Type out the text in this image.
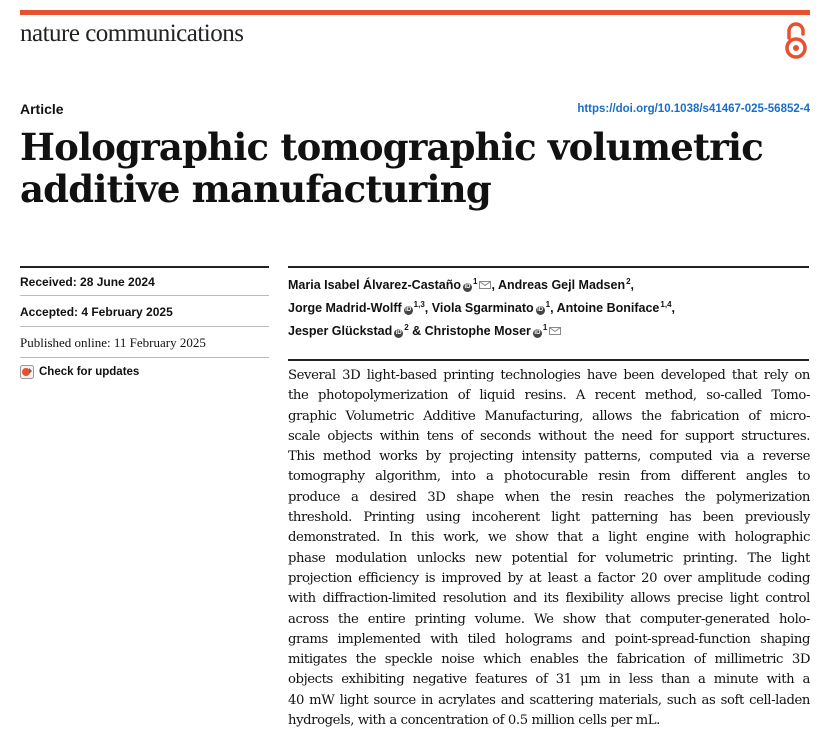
nature communications
Article	https://doi.org/10.1038/s41467-025-56852-4
Holographic tomographic volumetric
additive manufacturing
Received: 28 June 2024
Accepted: 4 February 2025
Published online: 11 February 2025
Check for updates
Maria Isabel Álvarez-Castaño $iD^1$ , Andreas Gejl Madsen$^2$,
Jorge Madrid-Wolff iD$^{1,3}$, Viola Sgarminato $iD^1$, Antoine Boniface$^{1,4}$,
Jesper Glückstad $iD^2$ & Christophe Moser $iD^1$
Several 3D light-based printing technologies have been developed that rely on
the photopolymerization of liquid resins. A recent method, so-called Tomo-
graphic Volumetric Additive Manufacturing, allows the fabrication of micro-
scale objects within tens of seconds without the need for support structures.
This method works by projecting intensity patterns, computed via a reverse
tomography algorithm, into a photocurable resin from different angles to
produce a desired 3D shape when the resin reaches the polymerization
threshold. Printing using incoherent light patterning has been previously
demonstrated. In this work, we show that a light engine with holographic
phase modulation unlocks new potential for volumetric printing. The light
projection efficiency is improved by at least a factor 20 over amplitude coding
with diffraction-limited resolution and its flexibility allows precise light control
across the entire printing volume. We show that computer-generated holo-
grams implemented with tiled holograms and point-spread-function shaping
mitigates the speckle noise which enables the fabrication of millimetric 3D
objects exhibiting negative features of 31 μm in less than a minute with a
40 mW light source in acrylates and scattering materials, such as soft cell-laden
hydrogels, with a concentration of 0.5 million cells per mL.
